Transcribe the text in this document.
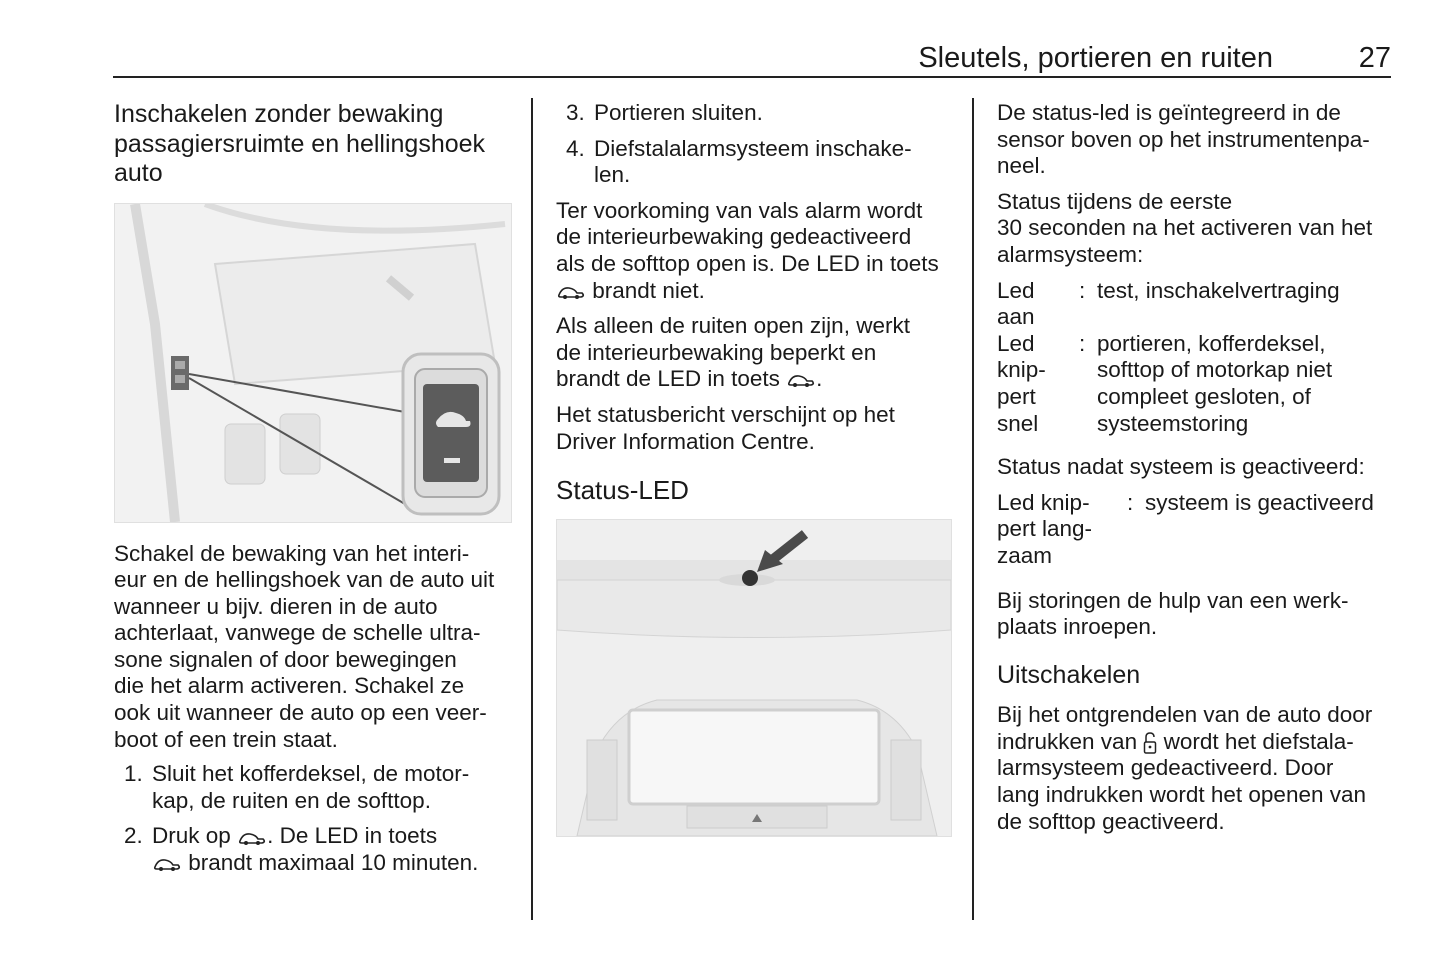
Sleutels, portieren en ruiten	27
Inschakelen zonder bewaking passagiersruimte en hellingshoek auto
Schakel de bewaking van het interi-
eur en de hellingshoek van de auto uit
wanneer u bijv. dieren in de auto
achterlaat, vanwege de schelle ultra-
sone signalen of door bewegingen
die het alarm activeren. Schakel ze
ook uit wanneer de auto op een veer-
boot of een trein staat.
1. Sluit het kofferdeksel, de motor-
kap, de ruiten en de softtop.
2. Druk op . De LED in toets
brandt maximaal 10 minuten.
3. Portieren sluiten.
4. Diefstalalarmsysteem inschake-
len.
Ter voorkoming van vals alarm wordt
de interieurbewaking gedeactiveerd
als de softtop open is. De LED in toets
brandt niet.
Als alleen de ruiten open zijn, werkt
de interieurbewaking beperkt en
brandt de LED in toets .
Het statusbericht verschijnt op het
Driver Information Centre.
Status-LED
De status-led is geïntegreerd in de
sensor boven op het instrumentenpa-
neel.
Status tijdens de eerste
30 seconden na het activeren van het
alarmsysteem:
Led aan
: test, inschakelvertraging
Led knip-pert snel
: portieren, kofferdeksel,
softtop of motorkap niet
compleet gesloten, of
systeemstoring
Status nadat systeem is geactiveerd:
Led knip-
pert lang-
zaam
: systeem is geactiveerd
Bij storingen de hulp van een werk-
plaats inroepen.
Uitschakelen
Bij het ontgrendelen van de auto door
indrukken van wordt het diefstala-
larmsysteem gedeactiveerd. Door
lang indrukken wordt het openen van
de softtop geactiveerd.
